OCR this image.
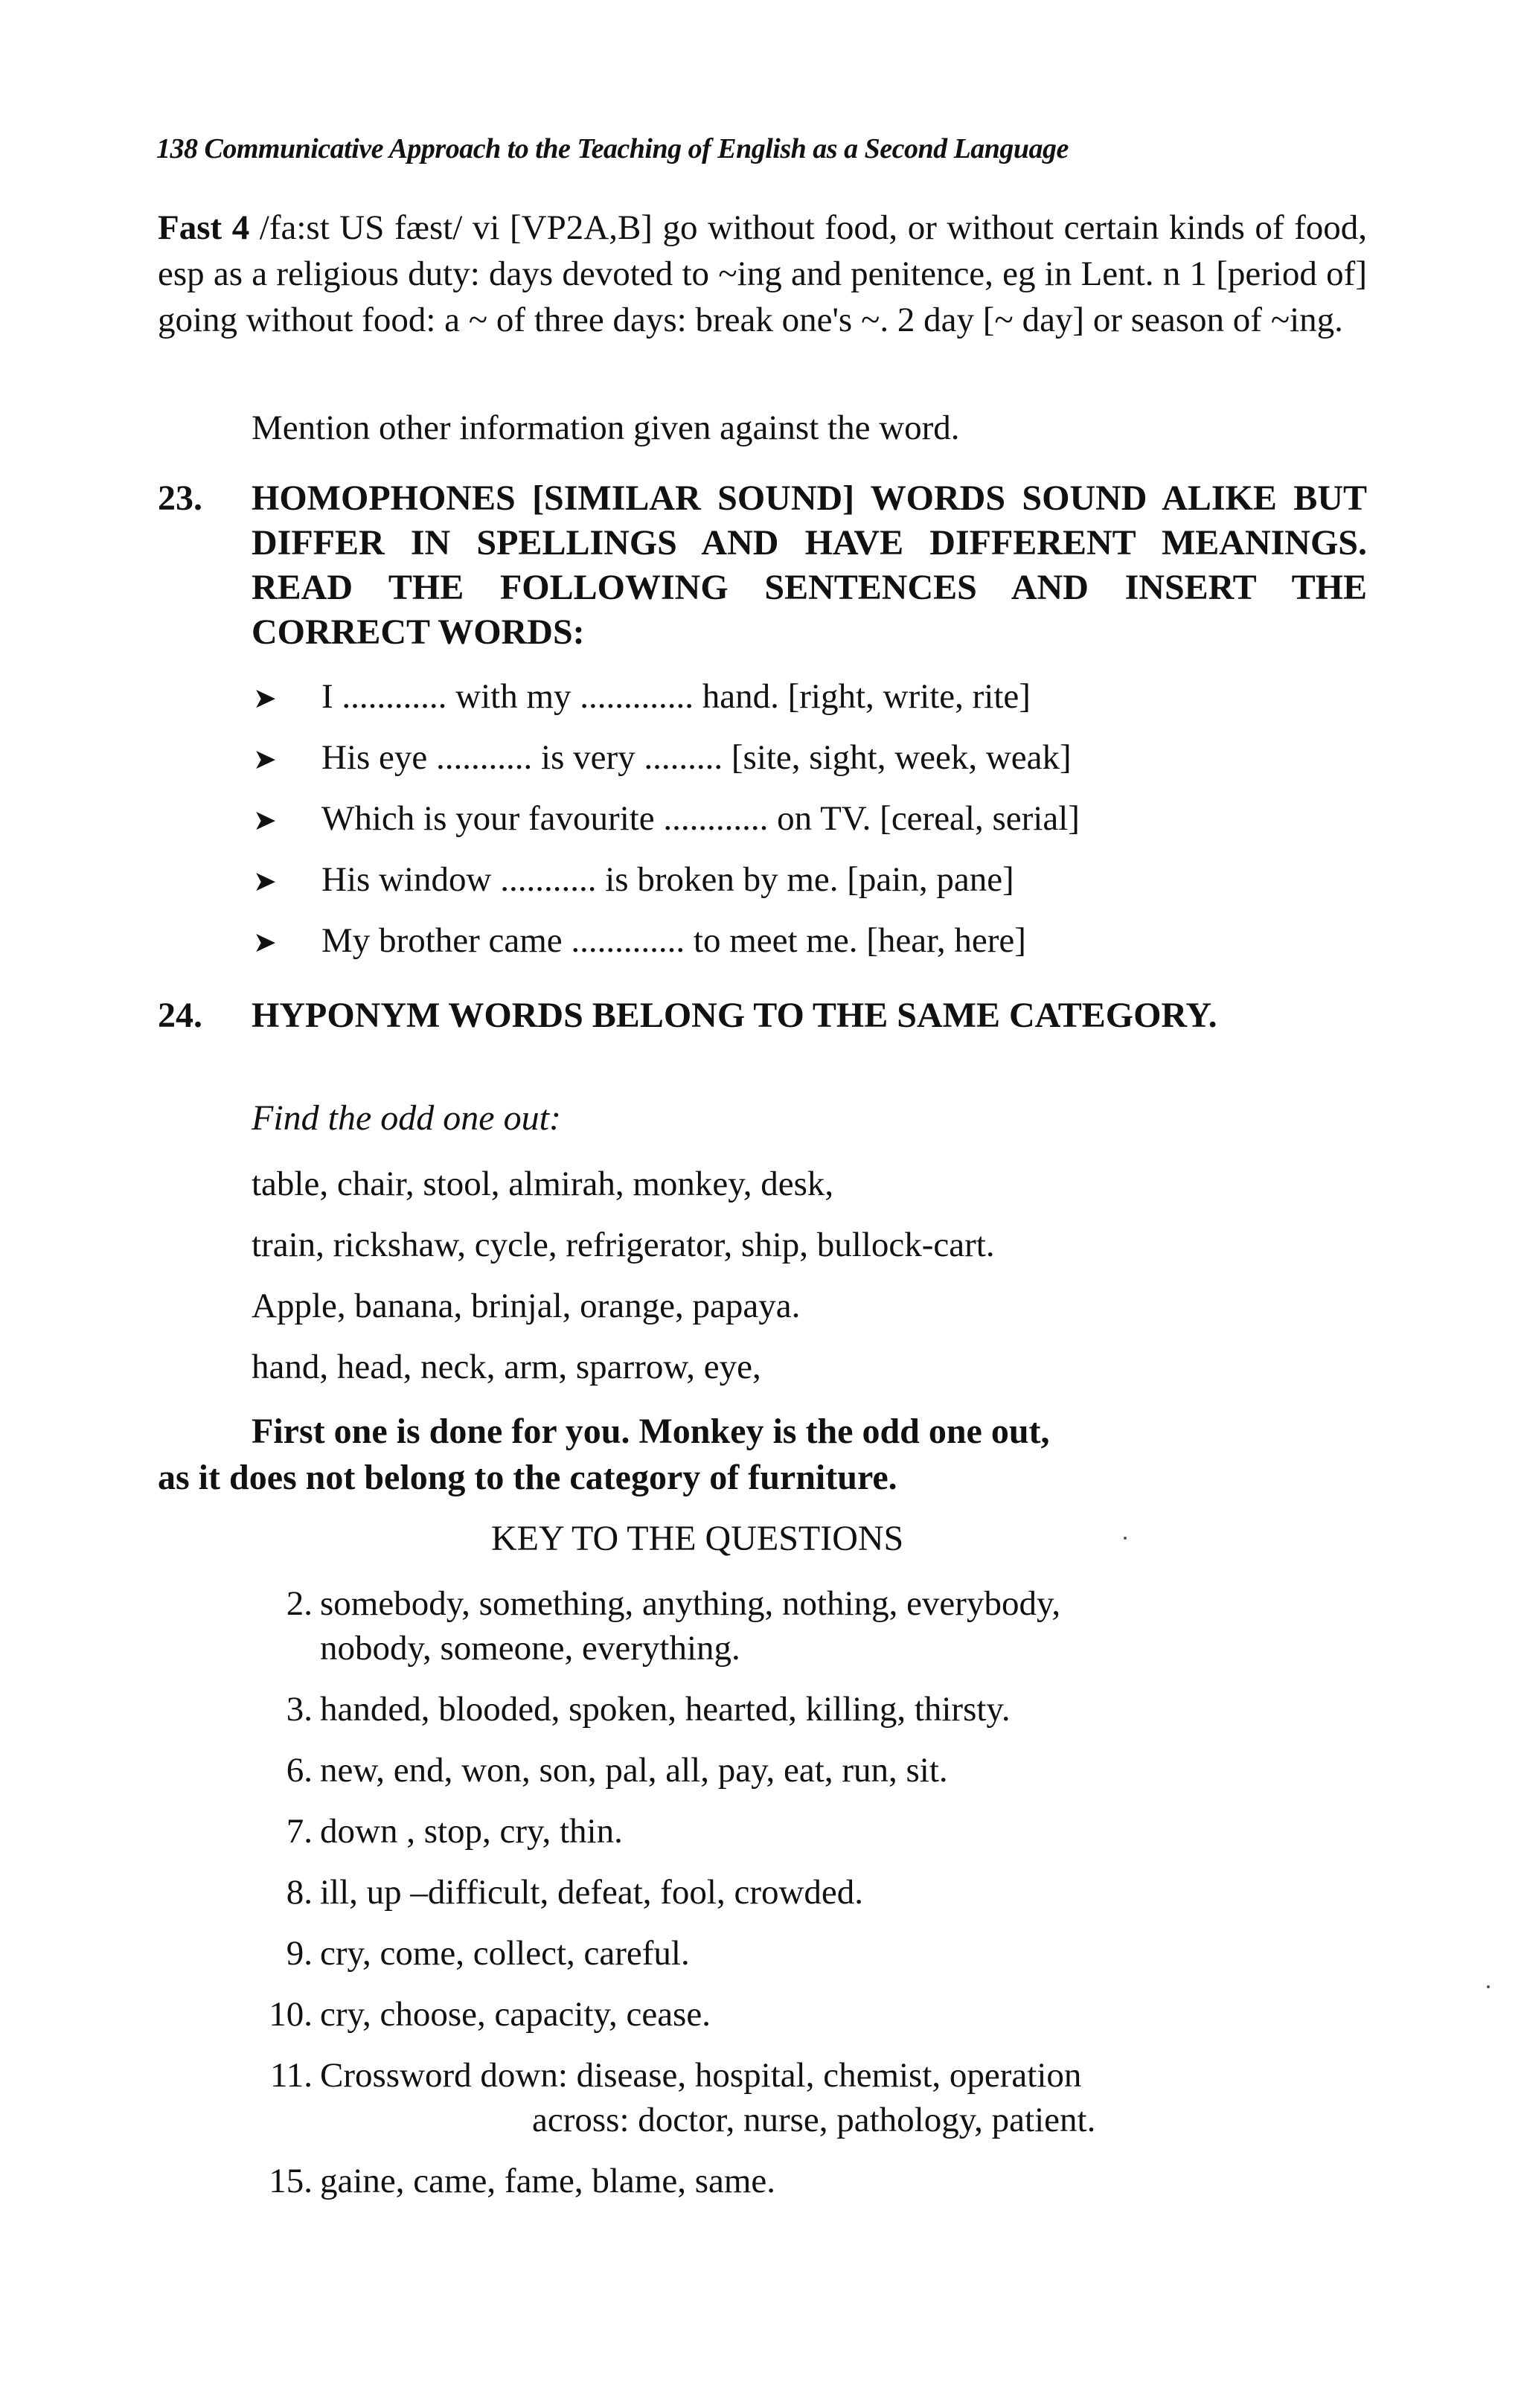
138 Communicative Approach to the Teaching of English as a Second Language

Fast 4 /fa:st US fæst/ vi [VP2A,B] go without food, or without certain kinds of food, esp as a religious duty: days devoted to ~ing and penitence, eg in Lent. n 1 [period of] going without food: a ~ of three days: break one's ~. 2 day [~ day] or season of ~ing.

Mention other information given against the word.
23. HOMOPHONES [SIMILAR SOUND] WORDS SOUND ALIKE BUT DIFFER IN SPELLINGS AND HAVE DIFFERENT MEANINGS. READ THE FOLLOWING SENTENCES AND INSERT THE CORRECT WORDS:
➤ I ............ with my ............. hand. [right, write, rite]
➤ His eye ........... is very ......... [site, sight, week, weak]
➤ Which is your favourite ............ on TV. [cereal, serial]
➤ His window ........... is broken by me. [pain, pane]
➤ My brother came ............. to meet me. [hear, here]
24. HYPONYM WORDS BELONG TO THE SAME CATEGORY.
Find the odd one out:
table, chair, stool, almirah, monkey, desk,
train, rickshaw, cycle, refrigerator, ship, bullock-cart.
Apple, banana, brinjal, orange, papaya.
hand, head, neck, arm, sparrow, eye,
First one is done for you. Monkey is the odd one out,
as it does not belong to the category of furniture.
KEY TO THE QUESTIONS
2. somebody, something, anything, nothing, everybody,
nobody, someone, everything.
3. handed, blooded, spoken, hearted, killing, thirsty.
6. new, end, won, son, pal, all, pay, eat, run, sit.
7. down , stop, cry, thin.
8. ill, up –difficult, defeat, fool, crowded.
9. cry, come, collect, careful.
10. cry, choose, capacity, cease.
11. Crossword down: disease, hospital, chemist, operation
across: doctor, nurse, pathology, patient.
15. gaine, came, fame, blame, same.
